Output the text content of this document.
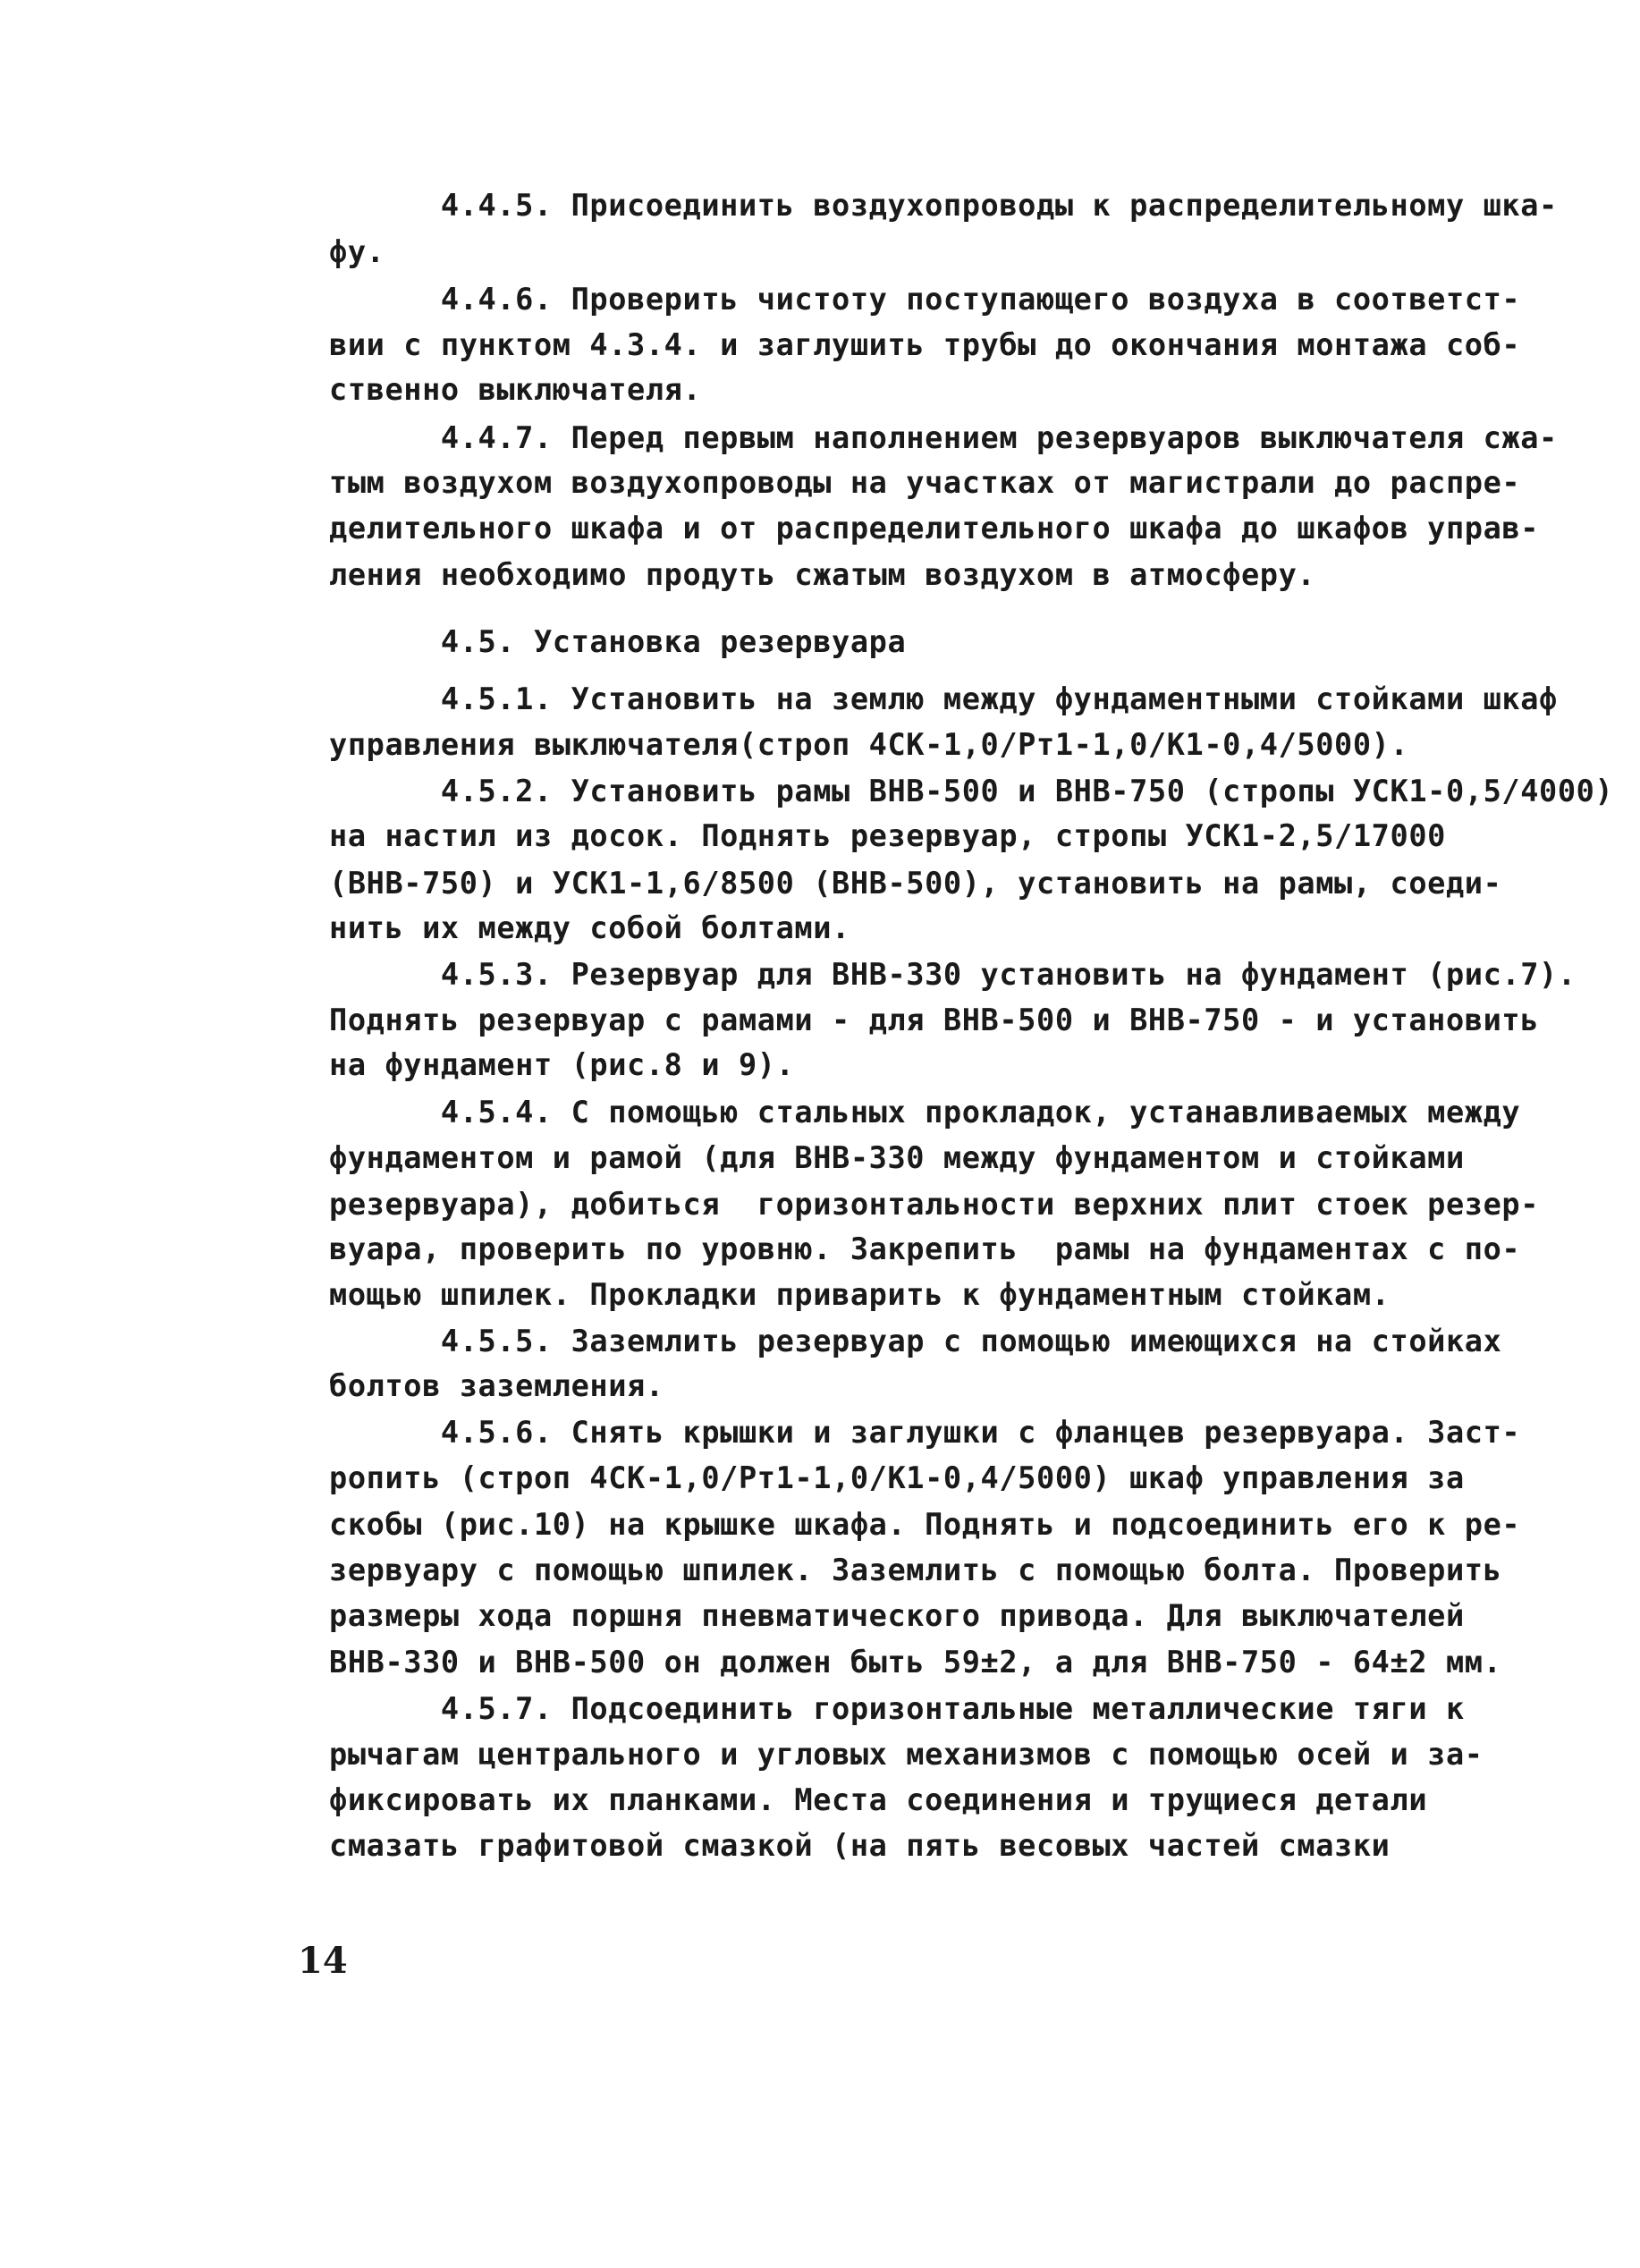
4.4.5. Присоединить воздухопроводы к распределительному шка-
фу.
4.4.6. Проверить чистоту поступающего воздуха в соответст-
вии с пунктом 4.3.4. и заглушить трубы до окончания монтажа соб-
ственно выключателя.
4.4.7. Перед первым наполнением резервуаров выключателя сжа-
тым воздухом воздухопроводы на участках от магистрали до распре-
делительного шкафа и от распределительного шкафа до шкафов управ-
ления необходимо продуть сжатым воздухом в атмосферу.
4.5. Установка резервуара
4.5.1. Установить на землю между фундаментными стойками шкаф
управления выключателя(строп 4СК-1,0/Рт1-1,0/К1-0,4/5000).
4.5.2. Установить рамы ВНВ-500 и ВНВ-750 (стропы УСК1-0,5/4000)
на настил из досок. Поднять резервуар, стропы УСК1-2,5/17000
(ВНВ-750) и УСК1-1,6/8500 (ВНВ-500), установить на рамы, соеди-
нить их между собой болтами.
4.5.3. Резервуар для ВНВ-330 установить на фундамент (рис.7).
Поднять резервуар с рамами - для ВНВ-500 и ВНВ-750 - и установить
на фундамент (рис.8 и 9).
4.5.4. С помощью стальных прокладок, устанавливаемых между
фундаментом и рамой (для ВНВ-330 между фундаментом и стойками
резервуара), добиться  горизонтальности верхних плит стоек резер-
вуара, проверить по уровню. Закрепить  рамы на фундаментах с по-
мощью шпилек. Прокладки приварить к фундаментным стойкам.
4.5.5. Заземлить резервуар с помощью имеющихся на стойках
болтов заземления.
4.5.6. Снять крышки и заглушки с фланцев резервуара. Заст-
ропить (строп 4СК-1,0/Рт1-1,0/К1-0,4/5000) шкаф управления за
скобы (рис.10) на крышке шкафа. Поднять и подсоединить его к ре-
зервуару с помощью шпилек. Заземлить с помощью болта. Проверить
размеры хода поршня пневматического привода. Для выключателей
ВНВ-330 и ВНВ-500 он должен быть 59±2, а для ВНВ-750 - 64±2 мм.
4.5.7. Подсоединить горизонтальные металлические тяги к
рычагам центрального и угловых механизмов с помощью осей и за-
фиксировать их планками. Места соединения и трущиеся детали
смазать графитовой смазкой (на пять весовых частей смазки
14
